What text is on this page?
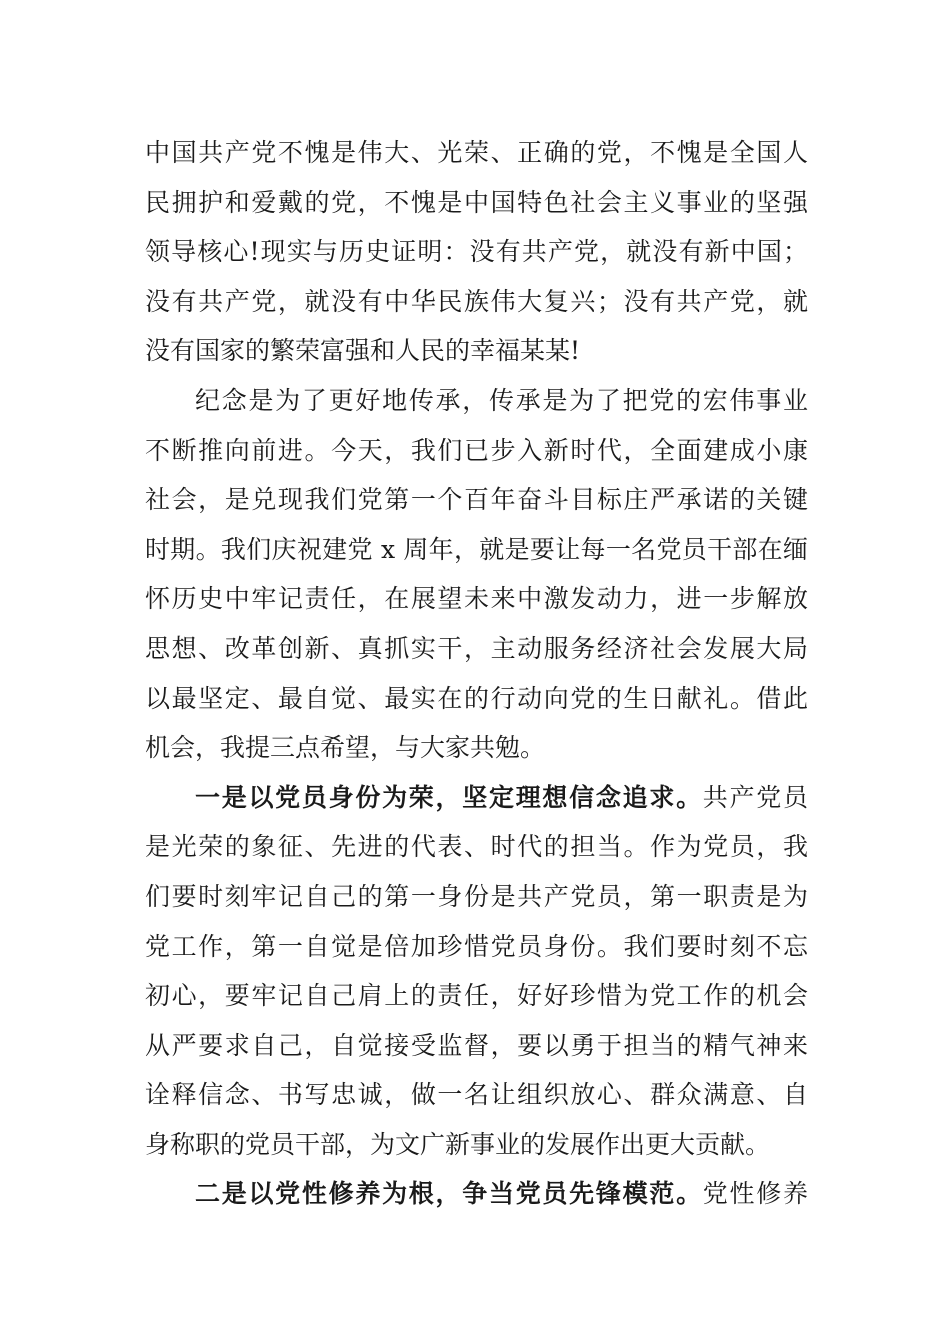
中国共产党不愧是伟大、光荣、正确的党，不愧是全国人
民拥护和爱戴的党，不愧是中国特色社会主义事业的坚强
领导核心!现实与历史证明：没有共产党，就没有新中国；
没有共产党，就没有中华民族伟大复兴；没有共产党，就
没有国家的繁荣富强和人民的幸福某某!
纪念是为了更好地传承，传承是为了把党的宏伟事业
不断推向前进。今天，我们已步入新时代，全面建成小康
社会，是兑现我们党第一个百年奋斗目标庄严承诺的关键
时期。我们庆祝建党 x 周年，就是要让每一名党员干部在缅
怀历史中牢记责任，在展望未来中激发动力，进一步解放
思想、改革创新、真抓实干，主动服务经济社会发展大局
以最坚定、最自觉、最实在的行动向党的生日献礼。借此
机会，我提三点希望，与大家共勉。
一是以党员身份为荣，坚定理想信念追求。共产党员
是光荣的象征、先进的代表、时代的担当。作为党员，我
们要时刻牢记自己的第一身份是共产党员，第一职责是为
党工作，第一自觉是倍加珍惜党员身份。我们要时刻不忘
初心，要牢记自己肩上的责任，好好珍惜为党工作的机会
从严要求自己，自觉接受监督，要以勇于担当的精气神来
诠释信念、书写忠诚，做一名让组织放心、群众满意、自
身称职的党员干部，为文广新事业的发展作出更大贡献。
二是以党性修养为根，争当党员先锋模范。党性修养
